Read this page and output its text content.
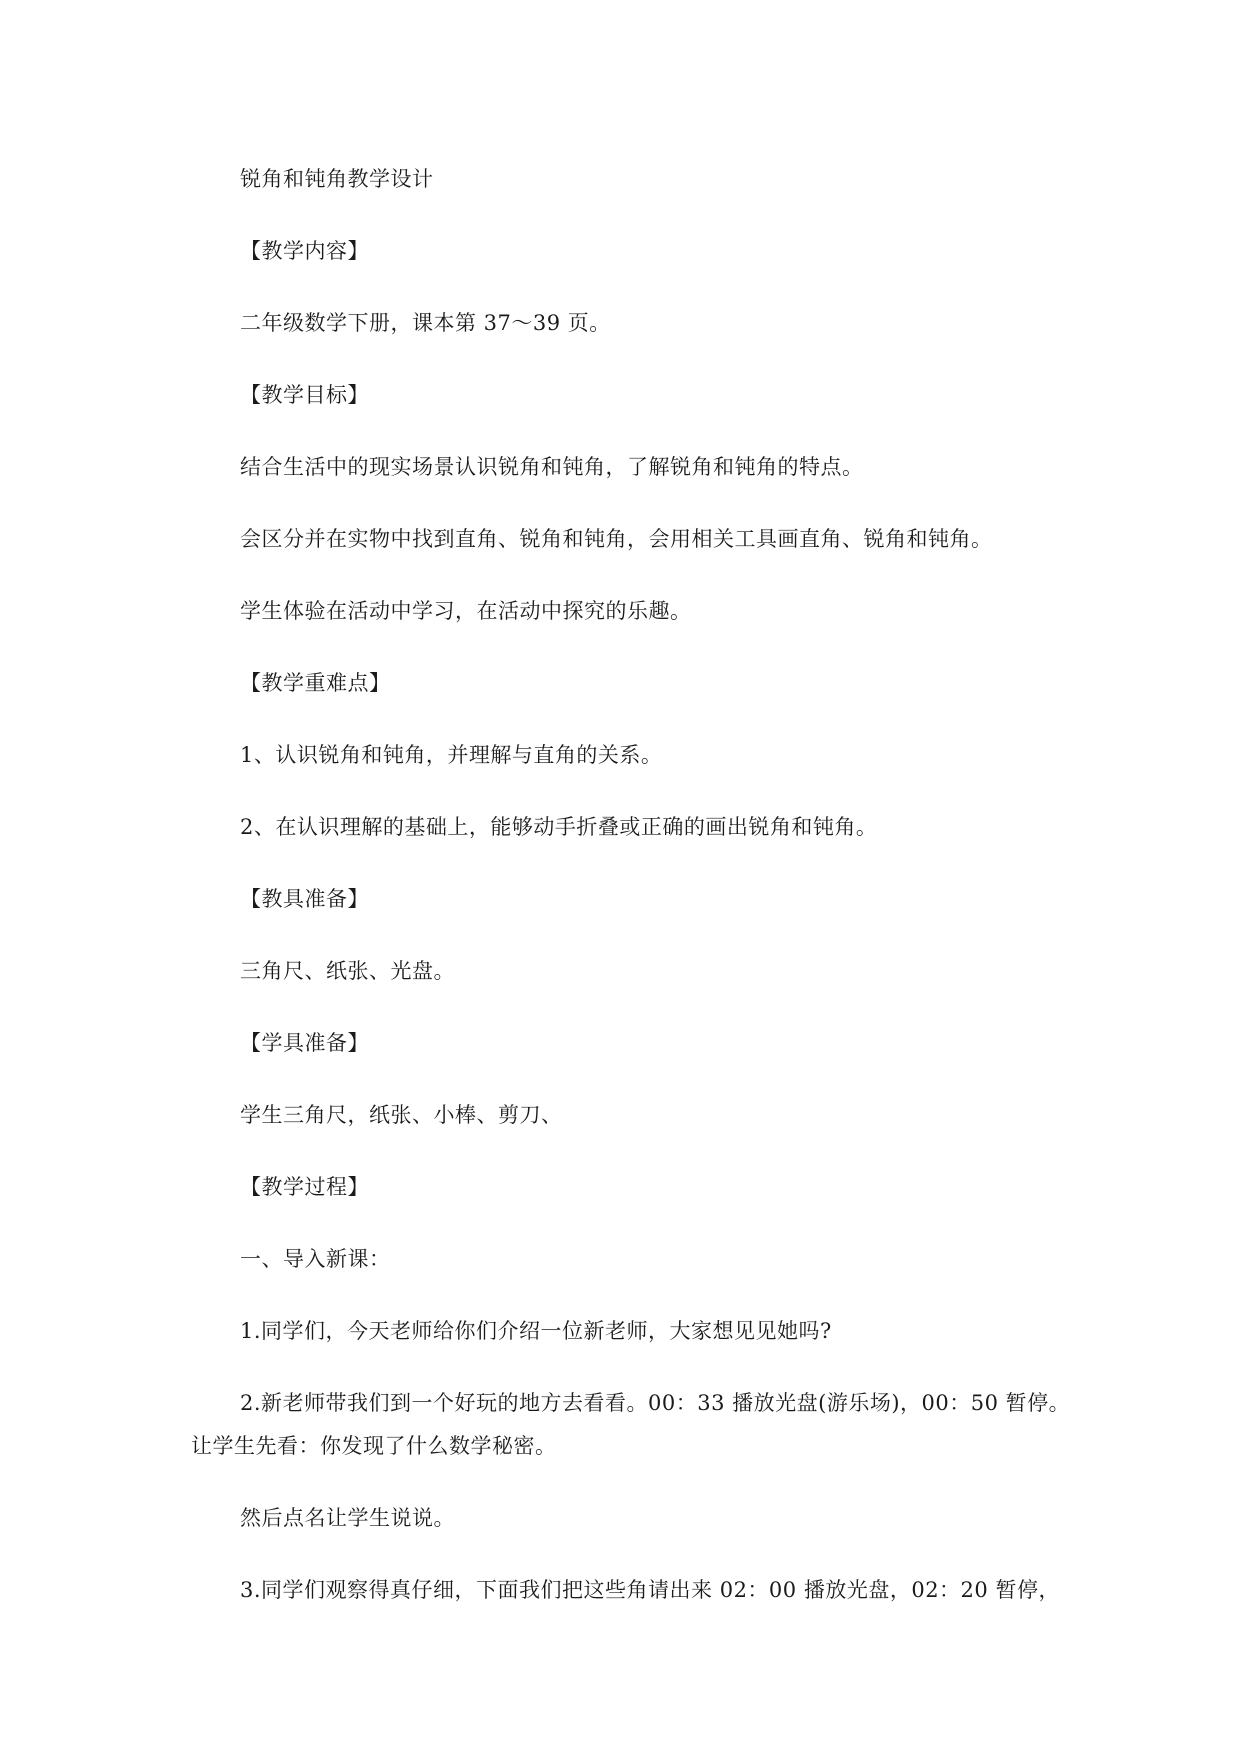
锐角和钝角教学设计
【教学内容】
二年级数学下册，课本第 37～39 页。
【教学目标】
结合生活中的现实场景认识锐角和钝角，了解锐角和钝角的特点。
会区分并在实物中找到直角、锐角和钝角，会用相关工具画直角、锐角和钝角。
学生体验在活动中学习，在活动中探究的乐趣。
【教学重难点】
1、认识锐角和钝角，并理解与直角的关系。
2、在认识理解的基础上，能够动手折叠或正确的画出锐角和钝角。
【教具准备】
三角尺、纸张、光盘。
【学具准备】
学生三角尺，纸张、小棒、剪刀、
【教学过程】
一、导入新课：
1.同学们，今天老师给你们介绍一位新老师，大家想见见她吗?
2.新老师带我们到一个好玩的地方去看看。00：33 播放光盘(游乐场)，00：50 暂停。
让学生先看：你发现了什么数学秘密。
然后点名让学生说说。
3.同学们观察得真仔细，下面我们把这些角请出来 02：00 播放光盘，02：20 暂停，
